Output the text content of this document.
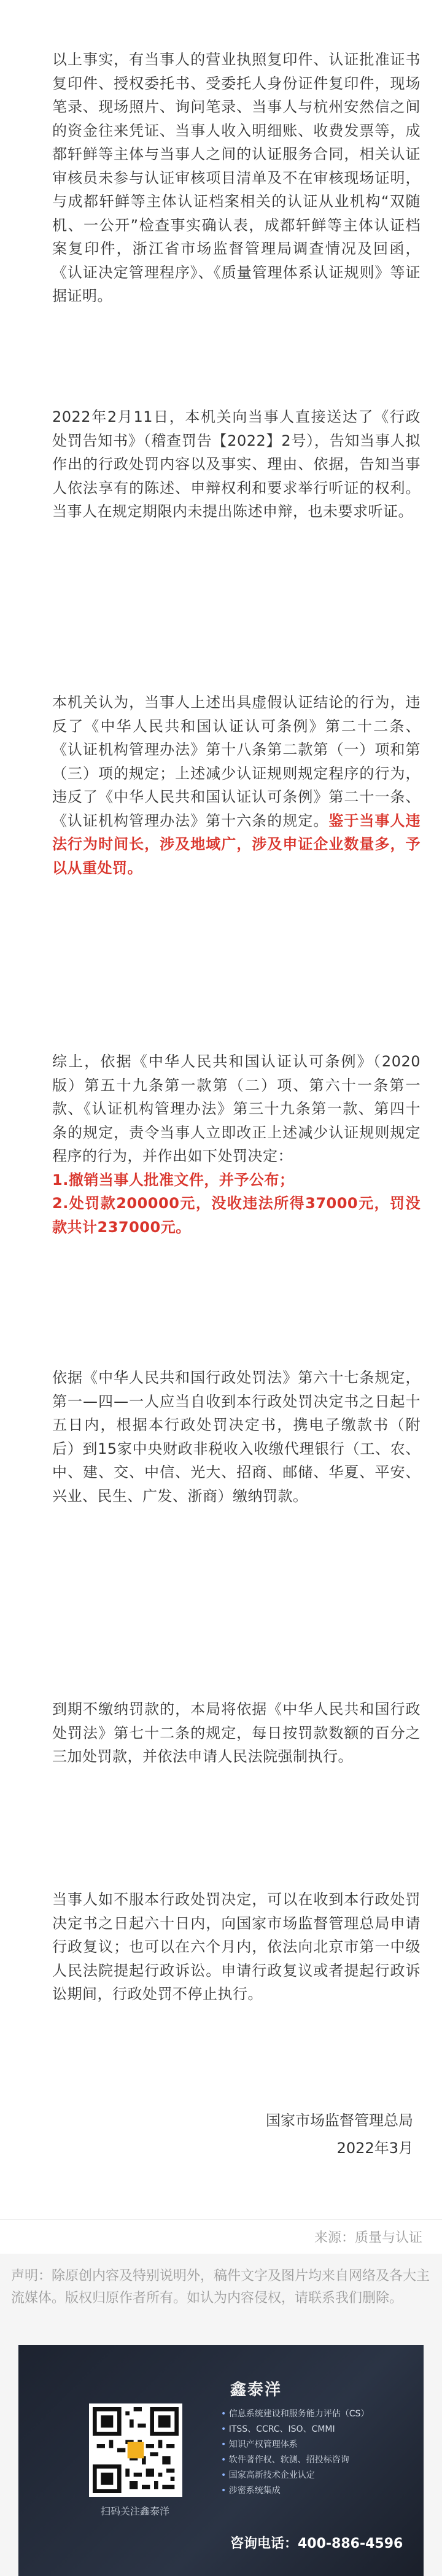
以上事实，有当事人的营业执照复印件、认证批准证书复印件、授权委托书、受委托人身份证件复印件，现场笔录、现场照片、询问笔录、当事人与杭州安然信之间的资金往来凭证、当事人收入明细账、收费发票等，成都轩鲜等主体与当事人之间的认证服务合同，相关认证审核员未参与认证审核项目清单及不在审核现场证明，与成都轩鲜等主体认证档案相关的认证从业机构“双随机、一公开”检查事实确认表，成都轩鲜等主体认证档案复印件，浙江省市场监督管理局调查情况及回函，《认证决定管理程序》、《质量管理体系认证规则》等证据证明。

2022年2月11日，本机关向当事人直接送达了《行政处罚告知书》（稽查罚告【2022】2号），告知当事人拟作出的行政处罚内容以及事实、理由、依据，告知当事人依法享有的陈述、申辩权利和要求举行听证的权利。当事人在规定期限内未提出陈述申辩，也未要求听证。

本机关认为，当事人上述出具虚假认证结论的行为，违反了《中华人民共和国认证认可条例》第二十二条、《认证机构管理办法》第十八条第二款第（一）项和第（三）项的规定；上述减少认证规则规定程序的行为，违反了《中华人民共和国认证认可条例》第二十一条、《认证机构管理办法》第十六条的规定。鉴于当事人违法行为时间长，涉及地域广，涉及申证企业数量多，予以从重处罚。

综上，依据《中华人民共和国认证认可条例》（2020版）第五十九条第一款第（二）项、第六十一条第一款、《认证机构管理办法》第三十九条第一款、第四十条的规定，责令当事人立即改正上述减少认证规则规定程序的行为，并作出如下处罚决定：
1.撤销当事人批准文件，并予公布；
2.处罚款200000元，没收违法所得37000元，罚没款共计237000元。

依据《中华人民共和国行政处罚法》第六十七条规定，第一—四—一人应当自收到本行政处罚决定书之日起十五日内，根据本行政处罚决定书，携电子缴款书（附后）到15家中央财政非税收入收缴代理银行（工、农、中、建、交、中信、光大、招商、邮储、华夏、平安、兴业、民生、广发、浙商）缴纳罚款。

到期不缴纳罚款的，本局将依据《中华人民共和国行政处罚法》第七十二条的规定，每日按罚款数额的百分之三加处罚款，并依法申请人民法院强制执行。

当事人如不服本行政处罚决定，可以在收到本行政处罚决定书之日起六十日内，向国家市场监督管理总局申请行政复议；也可以在六个月内，依法向北京市第一中级人民法院提起行政诉讼。申请行政复议或者提起行政诉讼期间，行政处罚不停止执行。

国家市场监督管理总局
2022年3月
来源：质量与认证

声明：除原创内容及特别说明外，稿件文字及图片均来自网络及各大主流媒体。版权归原作者所有。如认为内容侵权，请联系我们删除。

扫码关注鑫泰洋
鑫泰洋
• 信息系统建设和服务能力评估（CS）
• ITSS、CCRC、ISO、CMMI
• 知识产权管理体系
• 软件著作权、软测、招投标咨询
• 国家高新技术企业认定
• 涉密系统集成
咨询电话：400-886-4596
